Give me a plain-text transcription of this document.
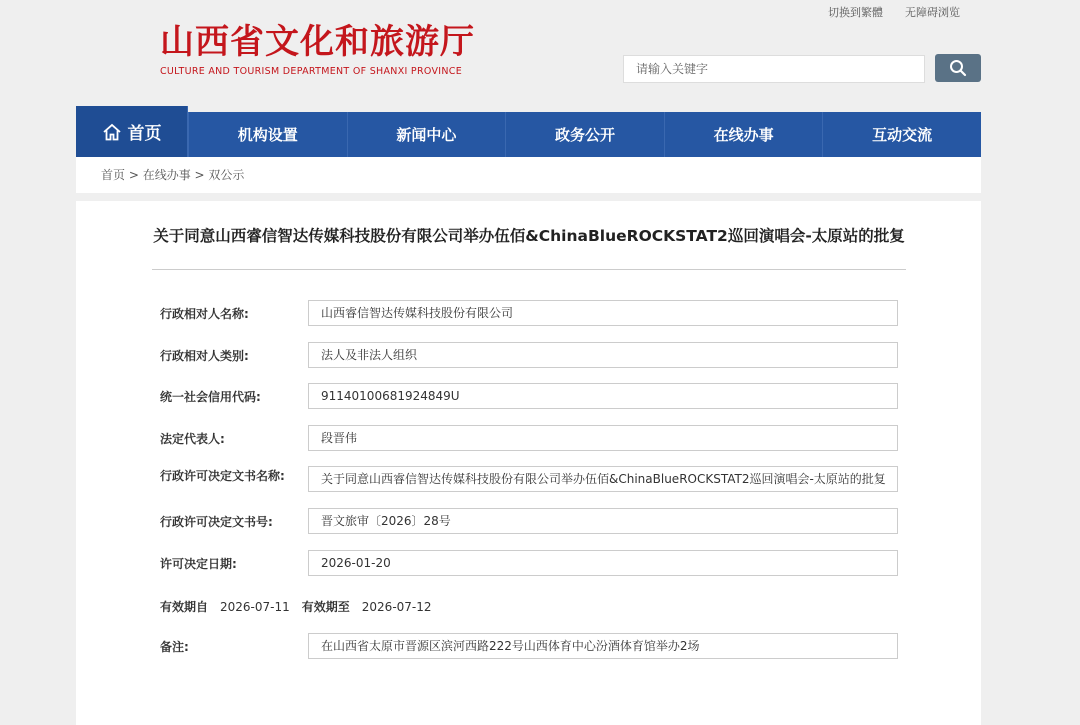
切换到繁體 无障碍浏览
山西省文化和旅游厅
CULTURE AND TOURISM DEPARTMENT OF SHANXI PROVINCE	请输入关键字
首页	机构设置	新闻中心	政务公开	在线办事	互动交流
首页 > 在线办事 > 双公示
关于同意山西睿信智达传媒科技股份有限公司举办伍佰&ChinaBlueROCKSTAT2巡回演唱会-太原站的批复
行政相对人名称:	山西睿信智达传媒科技股份有限公司
行政相对人类别:	法人及非法人组织
统一社会信用代码:	91140100681924849U
法定代表人:	段晋伟
行政许可决定文书名称:	关于同意山西睿信智达传媒科技股份有限公司举办伍佰&ChinaBlueROCKSTAT2巡回演唱会-太原站的批复
行政许可决定文书号:	晋文旅审〔2026〕28号
许可决定日期:	2026-01-20
有效期自 2026-07-11 有效期至 2026-07-12
备注:	在山西省太原市晋源区滨河西路222号山西体育中心汾酒体育馆举办2场
